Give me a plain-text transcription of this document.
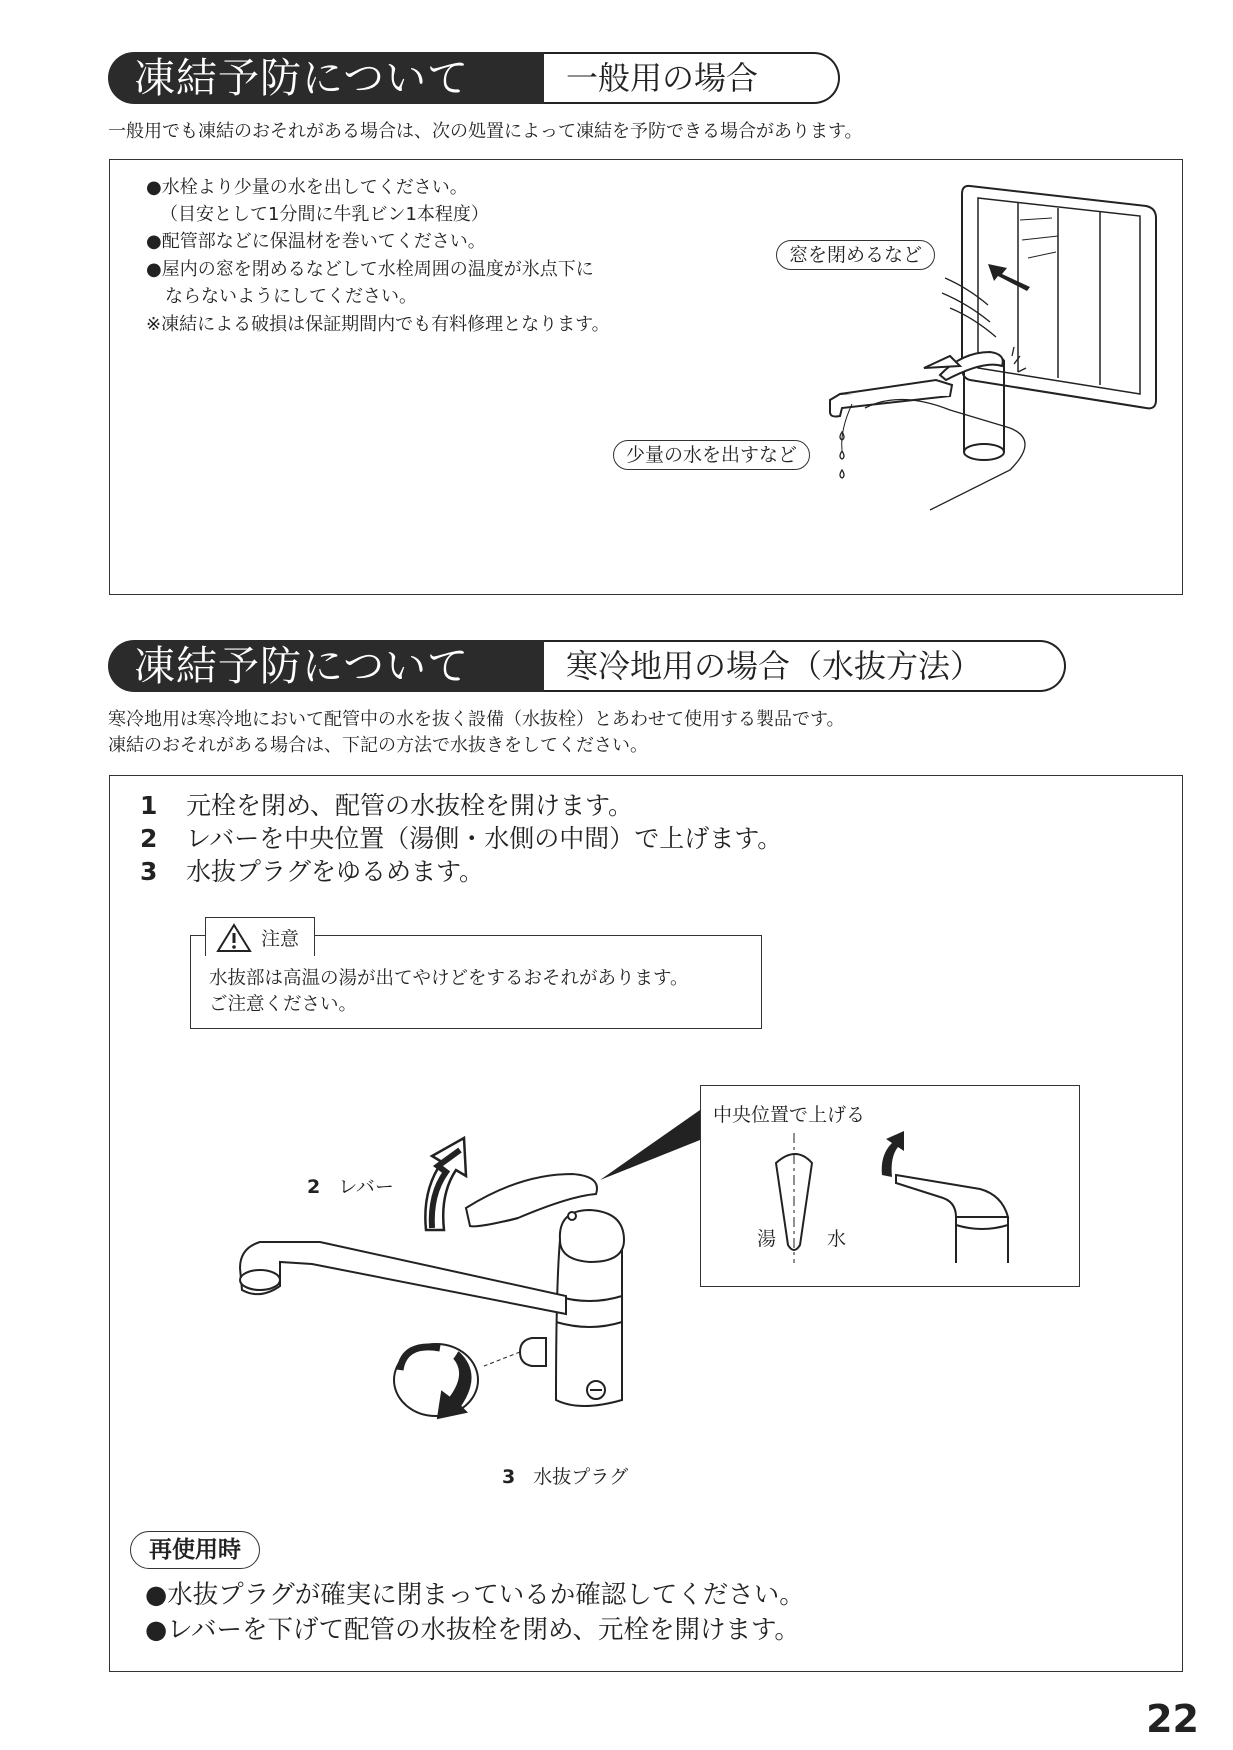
一般用の場合
凍結予防について
一般用でも凍結のおそれがある場合は、次の処置によって凍結を予防できる場合があります。
●水栓より少量の水を出してください。
（目安として1分間に牛乳ビン1本程度）
●配管部などに保温材を巻いてください。
●屋内の窓を閉めるなどして水栓周囲の温度が氷点下に
ならないようにしてください。
※凍結による破損は保証期間内でも有料修理となります。
窓を閉めるなど
少量の水を出すなど
寒冷地用の場合（水抜方法）
凍結予防について
寒冷地用は寒冷地において配管中の水を抜く設備（水抜栓）とあわせて使用する製品です。
凍結のおそれがある場合は、下記の方法で水抜きをしてください。
1 元栓を閉め、配管の水抜栓を開けます。
2 レバーを中央位置（湯側・水側の中間）で上げます。
3 水抜プラグをゆるめます。
水抜部は高温の湯が出てやけどをするおそれがあります。
ご注意ください。
注意
2 レバー
3 水抜プラグ
中央位置で上げる
湯	水
再使用時
●水抜プラグが確実に閉まっているか確認してください。
●レバーを下げて配管の水抜栓を閉め、元栓を開けます。
22
